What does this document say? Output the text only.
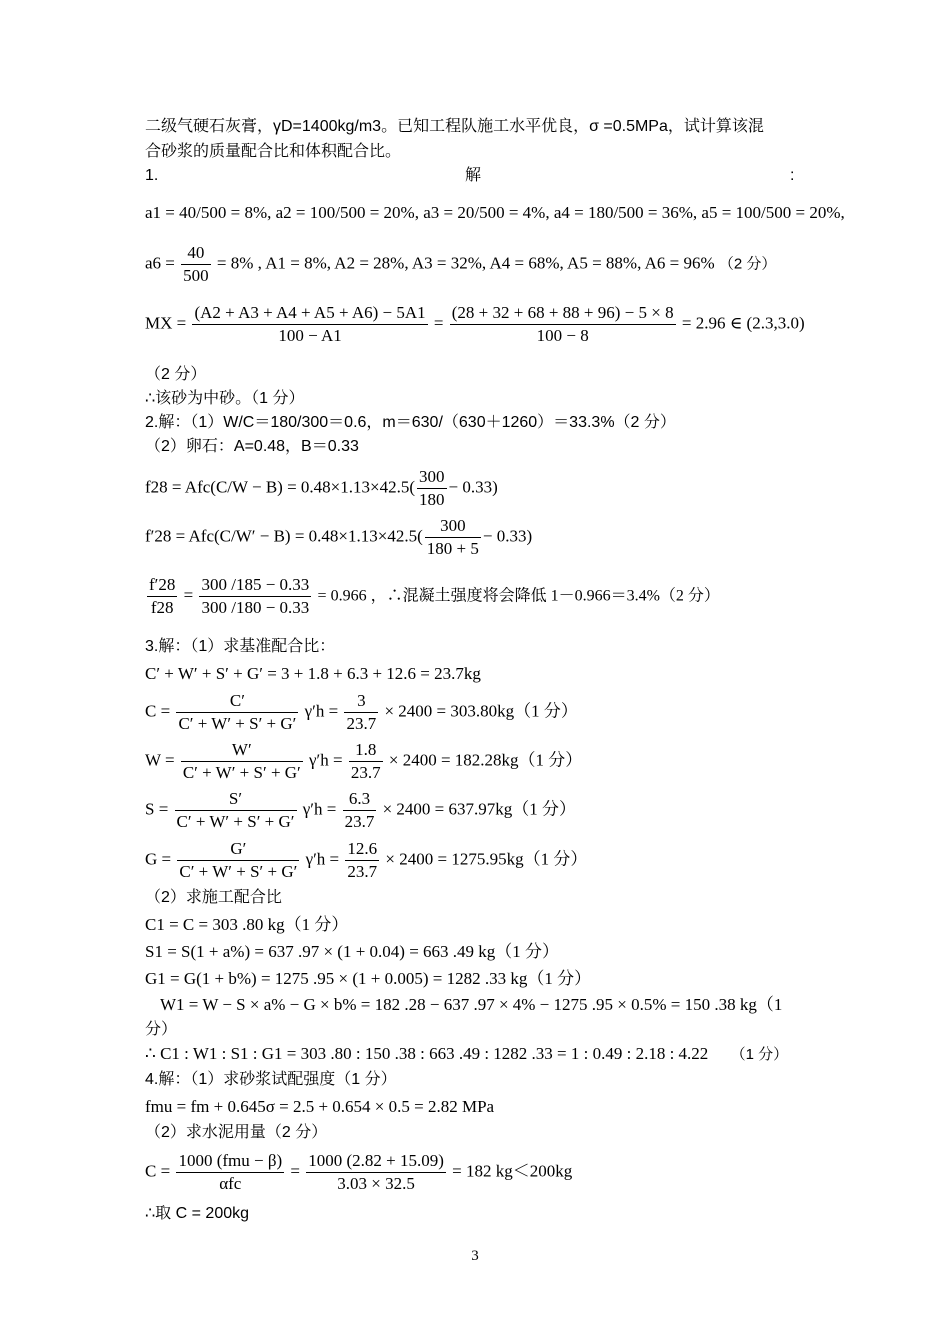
二级气硬石灰膏，γD=1400kg/m3。已知工程队施工水平优良，σ =0.5MPa，试计算该混
合砂浆的质量配合比和体积配合比。
1.	解	:
a1 = 40/500 = 8%, a2 = 100/500 = 20%, a3 = 20/500 = 4%, a4 = 180/500 = 36%, a5 = 100/500 = 20%,
$a6 = \frac{40}{500} = 8\%$ , A1 = 8%, A2 = 28%, A3 = 32%, A4 = 68%, A5 = 88%, A6 = 96% （2 分）
MX = $\frac{(A2 + A3 + A4 + A5 + A6) - 5A1}{100 - A1} = \frac{(28 + 32 + 68 + 88 + 96) - 5 \times 8}{100 - 8} = 2.96$ ∈ (2.3,3.0)
（2 分）
∴该砂为中砂。（1 分）
2.解：（1）W/C＝180/300＝0.6，m＝630/（630＋1260）＝33.3%（2 分）
（2）卵石：A=0.48，B＝0.33
$f28 = Afc(C/W - B) = 0.48\times 1.13\times 42.5( \frac{300}{180} - 0.33)$
$f'28 = Afc(C/W' - B) = 0.48\times 1.13\times 42.5( \frac{300}{180 + 5} - 0.33)$
$\frac{f'28}{f28} = \frac{300 /185 - 0.33}{300 /180 - 0.33} = 0.966$ ，∴混凝土强度将会降低 1－0.966＝3.4%（2 分）
3.解：（1）求基准配合比：
C′ + W′ + S′ + G′ = 3 + 1.8 + 6.3 + 12.6 = 23.7kg
$C = \frac{C'}{C' + W' + S' + G'} \gamma'h = \frac{3}{23.7} \times 2400 = 303.80kg(1$ 分）
$W = \frac{W'}{C' + W' + S' + G'} \gamma'h = \frac{1.8}{23.7} \times 2400 = 182.28kg(1$ 分）
$S = \frac{S'}{C' + W' + S' + G'} \gamma'h = \frac{6.3}{23.7} \times 2400 = 637.97kg(1$ 分）
$G = \frac{G'}{C' + W' + S' + G'} \gamma'h = \frac{12.6}{23.7} \times 2400 = 1275.95kg(1$ 分）
（2）求施工配合比
C1 = C = 303 .80 kg（1 分）
S1 = S(1 + a%) = 637 .97 × (1 + 0.04) = 663 .49 kg（1 分）
G1 = G(1 + b%) = 1275 .95 × (1 + 0.005) = 1282 .33 kg（1 分）
W1 = W − S × a% − G × b% = 182 .28 − 637 .97 × 4% − 1275 .95 × 0.5% = 150 .38 kg（1
分）
∴ C1 : W1 : S1 : G1 = 303 .80 : 150 .38 : 663 .49 : 1282 .33 = 1 : 0.49 : 2.18 : 4.22 （1 分）
4.解：（1）求砂浆试配强度（1 分）
fmu = fm + 0.645σ = 2.5 + 0.654 × 0.5 = 2.82 MPa
（2）求水泥用量（2 分）
$C = \frac{\text{1000 (fmu − β)}}{\text{αfc}} = \frac{1000 (2.82 + 15.09)}{3.03 \times 32.5} = 182$ kg＜200kg
∴取 C = 200kg
3
